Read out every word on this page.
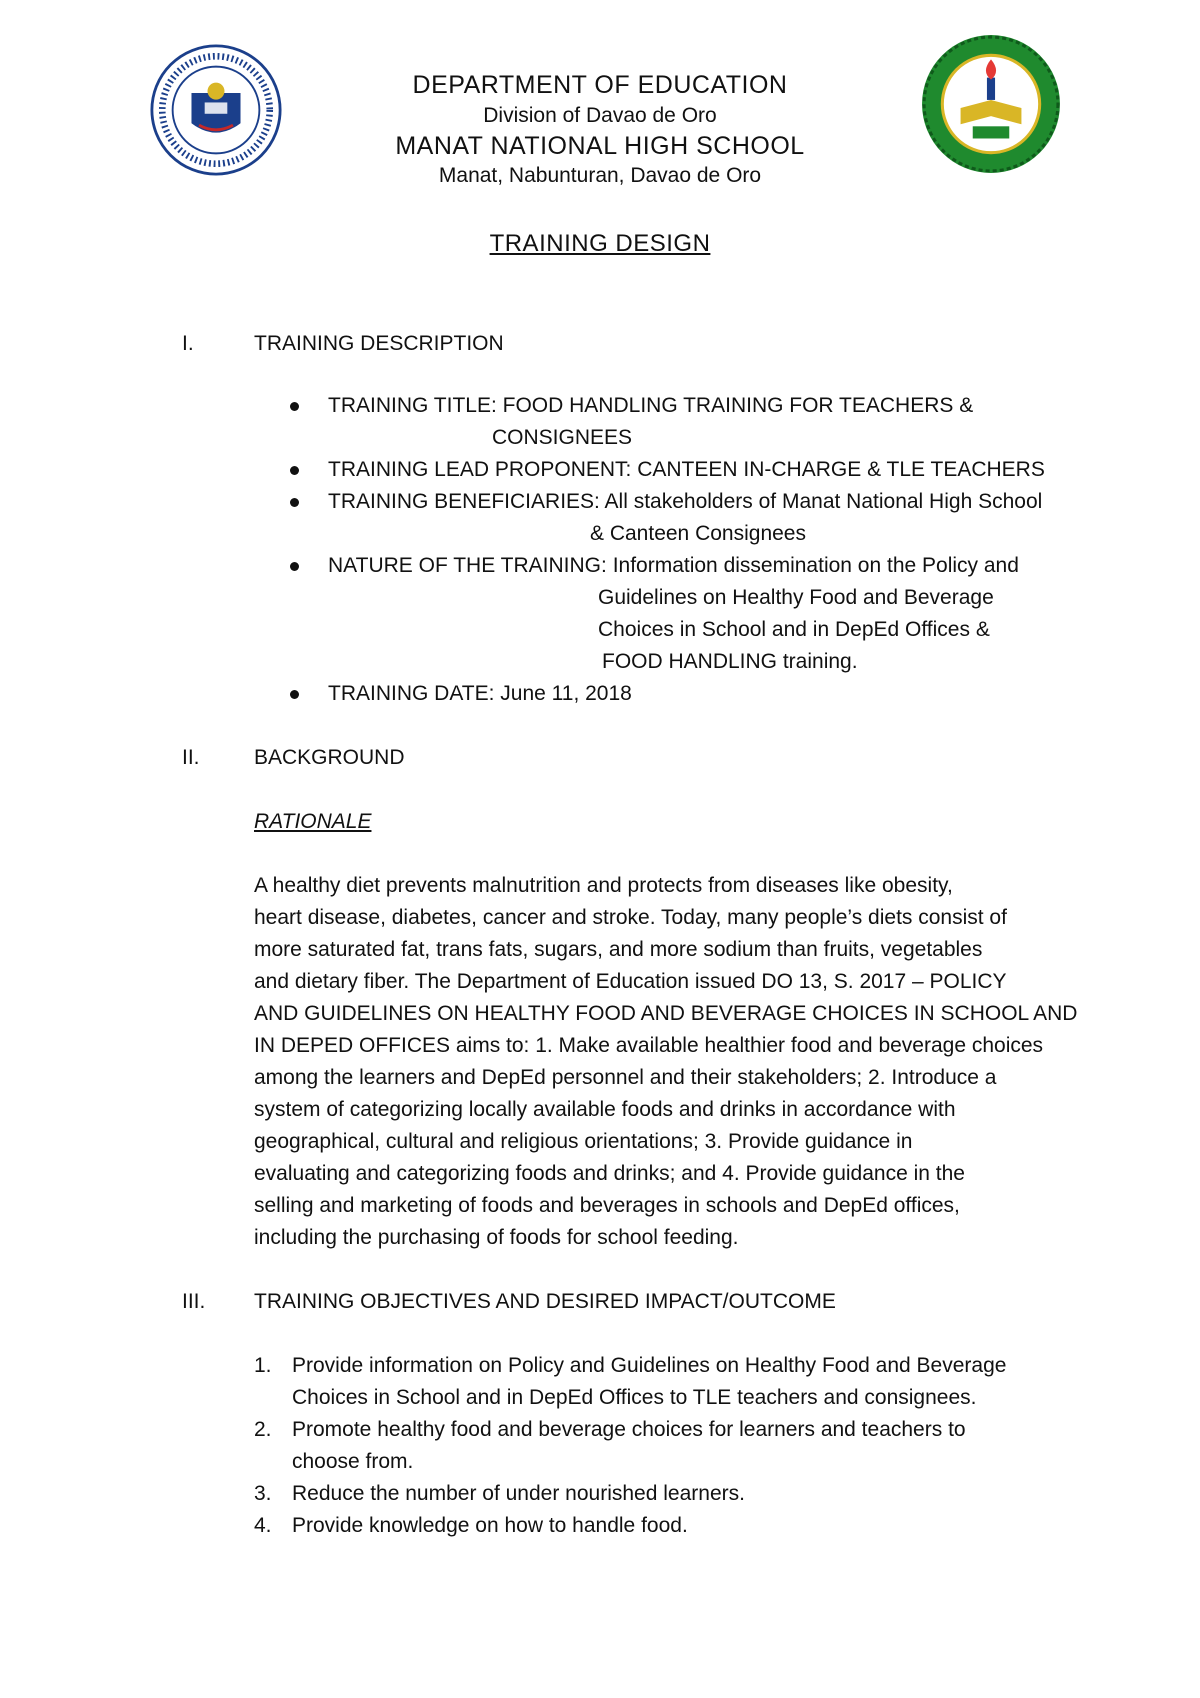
DEPARTMENT OF EDUCATION
Division of Davao de Oro
MANAT NATIONAL HIGH SCHOOL
Manat, Nabunturan, Davao de Oro
TRAINING DESIGN
I.	TRAINING DESCRIPTION
TRAINING TITLE: FOOD HANDLING TRAINING FOR TEACHERS &
CONSIGNEES
TRAINING LEAD PROPONENT: CANTEEN IN-CHARGE & TLE TEACHERS
TRAINING BENEFICIARIES: All stakeholders of Manat National High School
& Canteen Consignees
NATURE OF THE TRAINING: Information dissemination on the Policy and
Guidelines on Healthy Food and Beverage
Choices in School and in DepEd Offices &
FOOD HANDLING training.
TRAINING DATE: June 11, 2018
II.	BACKGROUND
RATIONALE
A healthy diet prevents malnutrition and protects from diseases like obesity,
heart disease, diabetes, cancer and stroke. Today, many people’s diets consist of
more saturated fat, trans fats, sugars, and more sodium than fruits, vegetables
and dietary fiber. The Department of Education issued DO 13, S. 2017 – POLICY
AND GUIDELINES ON HEALTHY FOOD AND BEVERAGE CHOICES IN SCHOOL AND
IN DEPED OFFICES aims to: 1. Make available healthier food and beverage choices
among the learners and DepEd personnel and their stakeholders; 2. Introduce a
system of categorizing locally available foods and drinks in accordance with
geographical, cultural and religious orientations; 3. Provide guidance in
evaluating and categorizing foods and drinks; and 4. Provide guidance in the
selling and marketing of foods and beverages in schools and DepEd offices,
including the purchasing of foods for school feeding.
III. TRAINING OBJECTIVES AND DESIRED IMPACT/OUTCOME
1. Provide information on Policy and Guidelines on Healthy Food and Beverage
Choices in School and in DepEd Offices to TLE teachers and consignees.
2. Promote healthy food and beverage choices for learners and teachers to
choose from.
3. Reduce the number of under nourished learners.
4. Provide knowledge on how to handle food.
